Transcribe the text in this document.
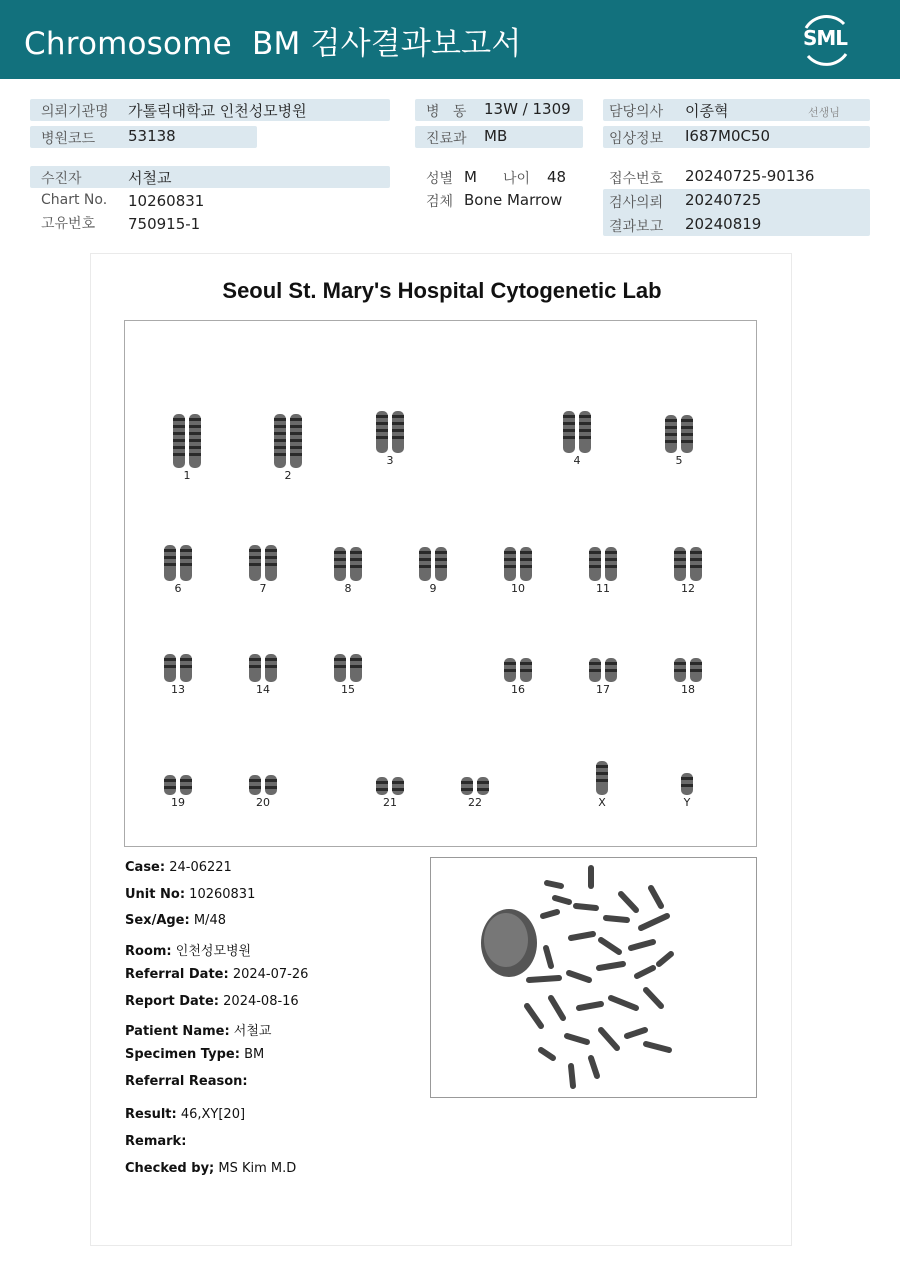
Chromosome  BM 검사결과보고서	SML
의뢰기관명 가톨릭대학교 인천성모병원
병원코드 53138
병   동 13W / 1309
진료과 MB
담당의사 이종혁	선생님
임상정보 I687M0C50
수진자	서철교
Chart No. 10260831
고유번호 750915-1
성별 M 나이 48
검체 Bone Marrow
접수번호 20240725-90136
검사의뢰 20240725
결과보고 20240819
Seoul St. Mary's Hospital Cytogenetic Lab
1	2
3	4	5
6	7	8	9	10	11	12
13	14	15	16	17	18
19	20	21	22	X	Y
Case: 24-06221
Unit No: 10260831
Sex/Age: M/48
Room: 인천성모병원
Referral Date: 2024-07-26
Report Date: 2024-08-16
Patient Name: 서철교
Specimen Type: BM
Referral Reason:
Result: 46,XY[20]
Remark:
Checked by; MS Kim M.D
